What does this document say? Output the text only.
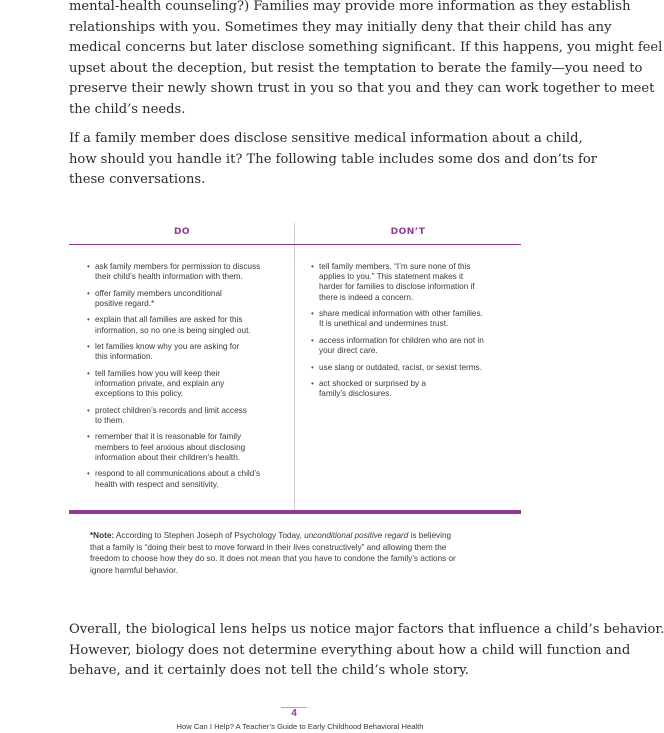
mental-health counseling?) Families may provide more information as they establish
relationships with you. Sometimes they may initially deny that their child has any
medical concerns but later disclose something significant. If this happens, you might feel
upset about the deception, but resist the temptation to berate the family—you need to
preserve their newly shown trust in you so that you and they can work together to meet
the child’s needs.
If a family member does disclose sensitive medical information about a child,
how should you handle it? The following table includes some dos and don’ts for
these conversations.
DO	DON’T
• ask family members for permission to discuss
their child’s health information with them.
• offer family members unconditional
positive regard.*
• explain that all families are asked for this
information, so no one is being singled out.
• let families know why you are asking for
this information.
• tell families how you will keep their
information private, and explain any
exceptions to this policy.
• protect children’s records and limit access
to them.
• remember that it is reasonable for family
members to feel anxious about disclosing
information about their children’s health.
• respond to all communications about a child’s
health with respect and sensitivity.
• tell family members, “I’m sure none of this
applies to you.” This statement makes it
harder for families to disclose information if
there is indeed a concern.
• share medical information with other families.
It is unethical and undermines trust.
• access information for children who are not in
your direct care.
• use slang or outdated, racist, or sexist terms.
• act shocked or surprised by a
family’s disclosures.
*Note: According to Stephen Joseph of Psychology Today, unconditional positive regard is believing
that a family is “doing their best to move forward in their lives constructively” and allowing them the
freedom to choose how they do so. It does not mean that you have to condone the family’s actions or
ignore harmful behavior.
Overall, the biological lens helps us notice major factors that influence a child’s behavior.
However, biology does not determine everything about how a child will function and
behave, and it certainly does not tell the child’s whole story.
4
How Can I Help? A Teacher’s Guide to Early Childhood Behavioral Health
